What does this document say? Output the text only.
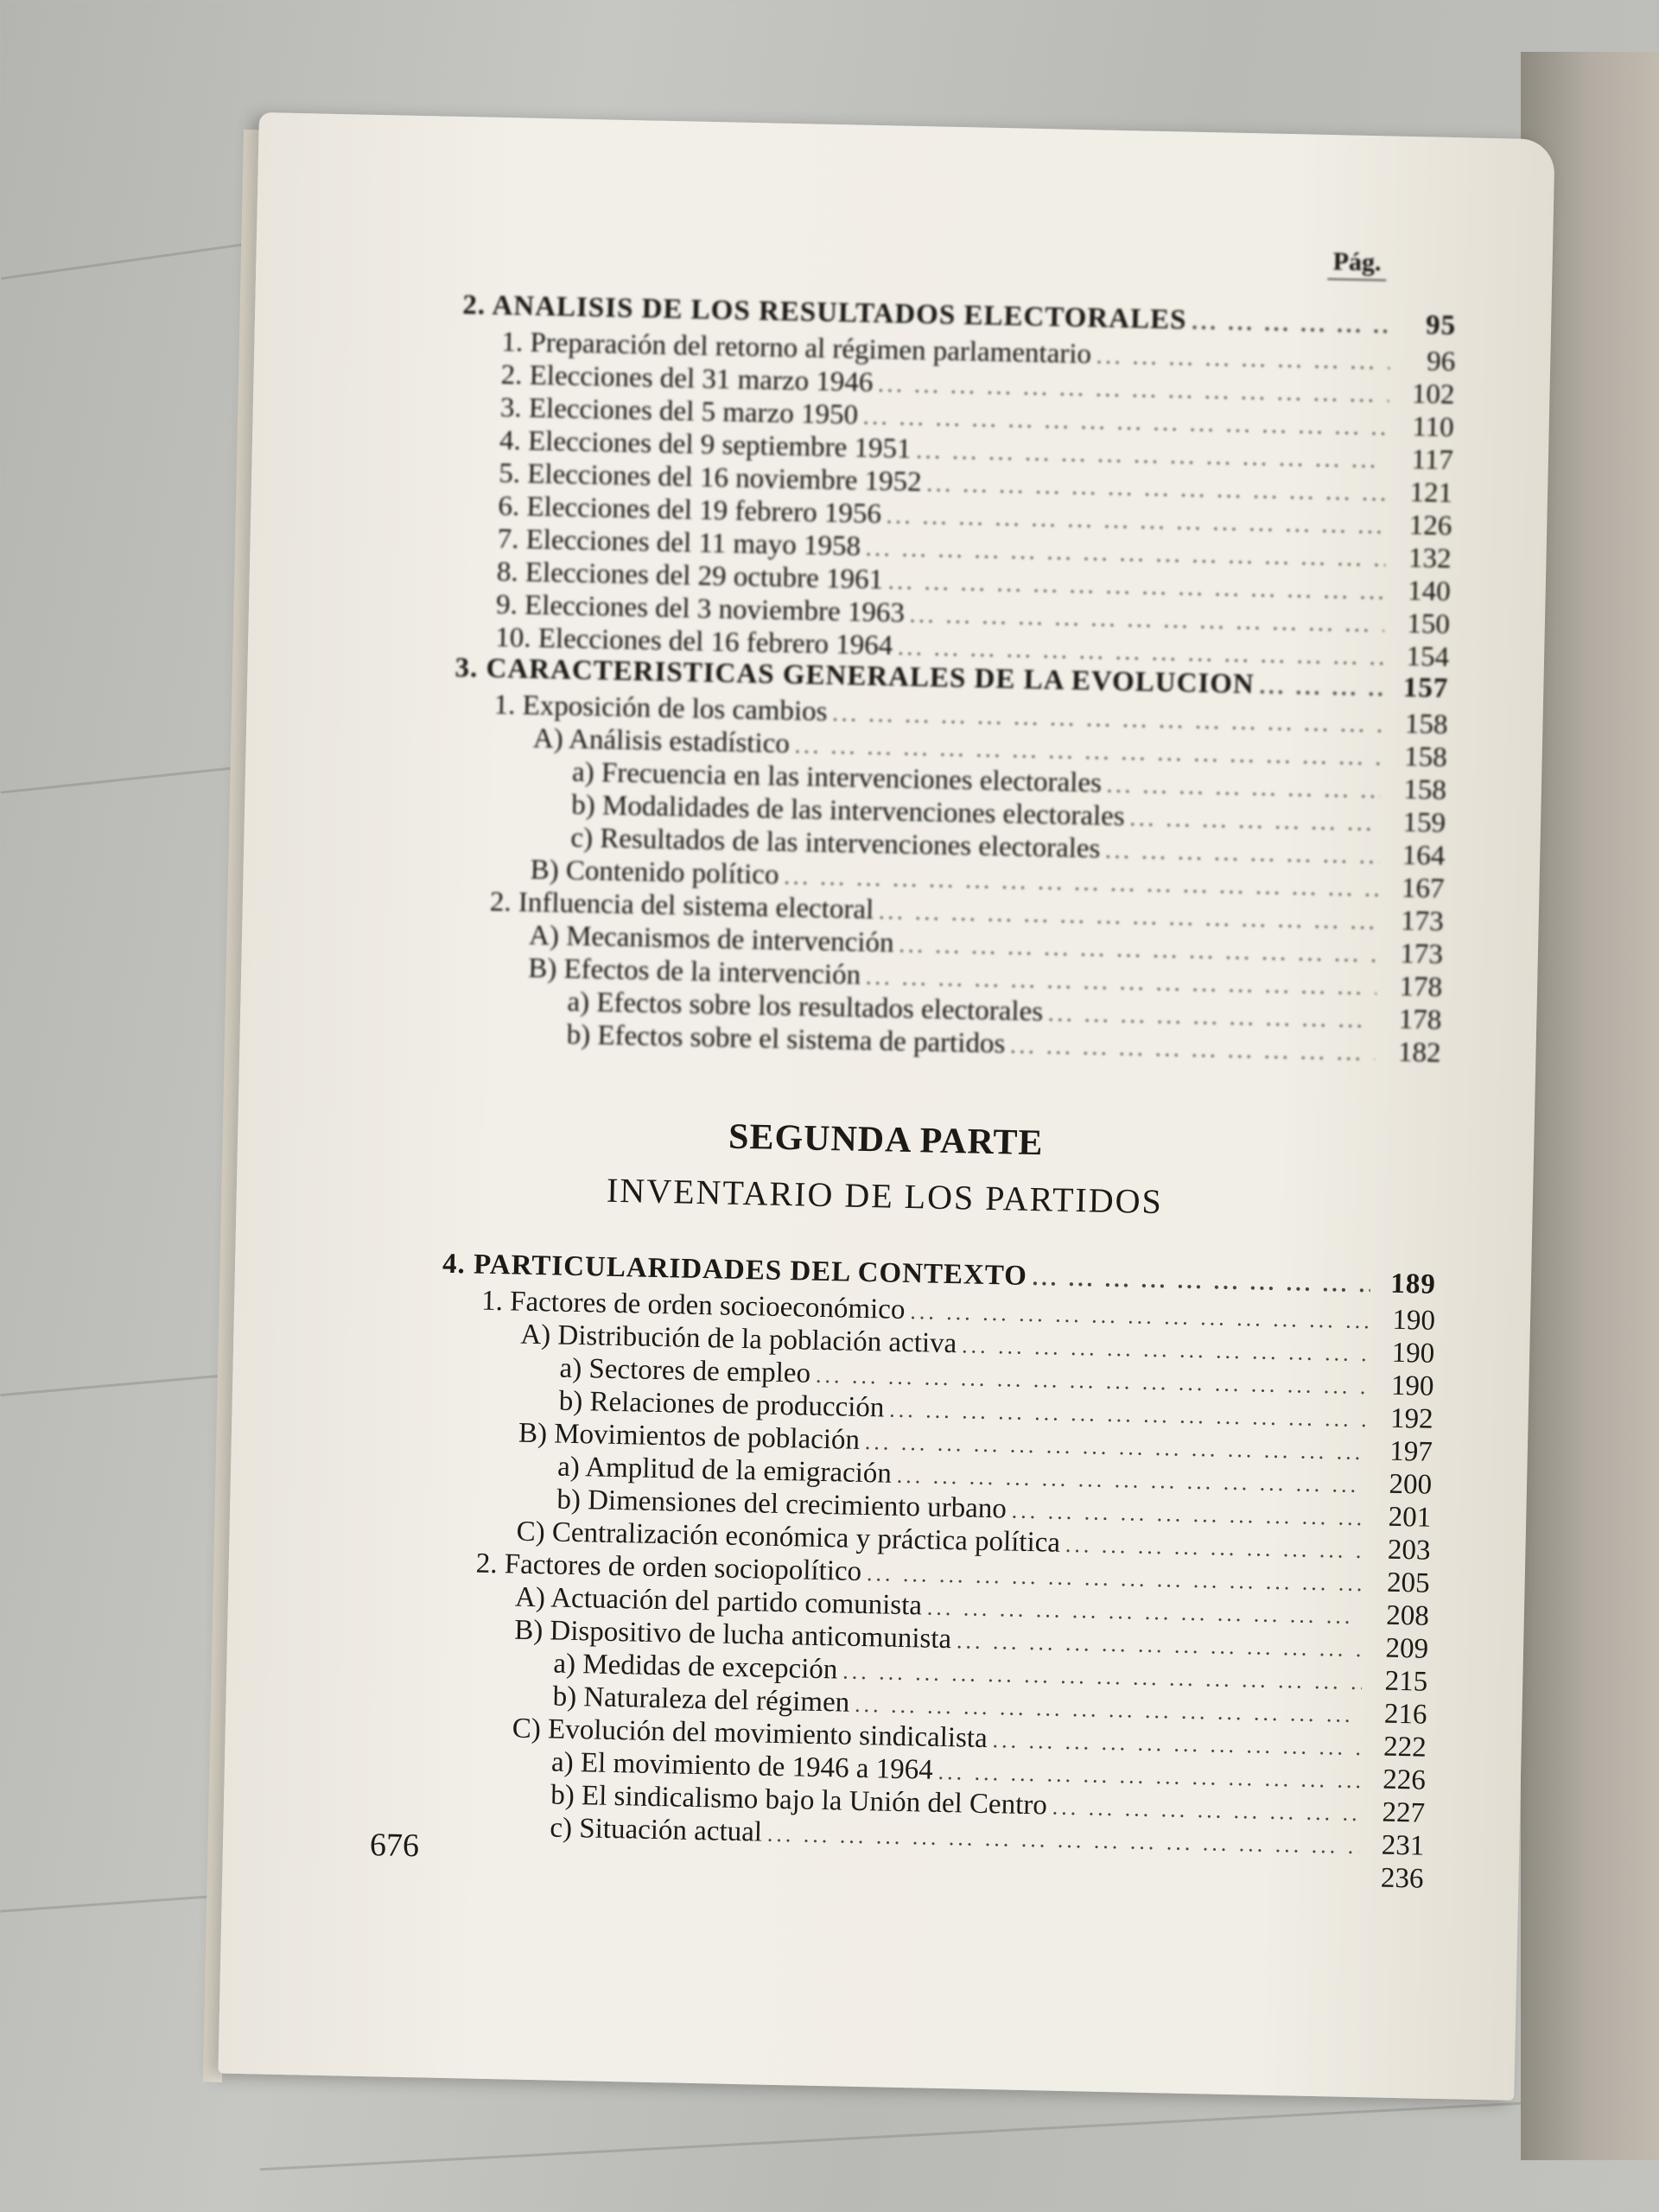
Pág.
2. ANALISIS DE LOS RESULTADOS ELECTORALES ... .	95
1. Preparación del retorno al régimen parlamentario ... .	96
2. Elecciones del 31 marzo 1946 ... .	102
3. Elecciones del 5 marzo 1950 ... .	110
4. Elecciones del 9 septiembre 1951 ... .	117
5. Elecciones del 16 noviembre 1952 ... .	121
6. Elecciones del 19 febrero 1956 ... .	126
7. Elecciones del 11 mayo 1958 ... .	132
8. Elecciones del 29 octubre 1961 ... .	140
9. Elecciones del 3 noviembre 1963 ... .	150
10. Elecciones del 16 febrero 1964 ... .	154
3. CARACTERISTICAS GENERALES DE LA EVOLUCION ... .	157
1. Exposición de los cambios ... .	158
A) Análisis estadístico ... .	158
a) Frecuencia en las intervenciones electorales ... .	158
b) Modalidades de las intervenciones electorales ... .	159
c) Resultados de las intervenciones electorales ... .	164
B) Contenido político ... .	167
2. Influencia del sistema electoral ... .	173
A) Mecanismos de intervención ... .	173
B) Efectos de la intervención ... .	178
a) Efectos sobre los resultados electorales ... .	178
b) Efectos sobre el sistema de partidos ... .	182
SEGUNDA PARTE
INVENTARIO DE LOS PARTIDOS
4. PARTICULARIDADES DEL CONTEXTO ... .	189
1. Factores de orden socioeconómico ... .	190
A) Distribución de la población activa ... .	190
a) Sectores de empleo ... .	190
b) Relaciones de producción ... .	192
B) Movimientos de población ... .	197
a) Amplitud de la emigración ... .	200
b) Dimensiones del crecimiento urbano ... .	201
C) Centralización económica y práctica política ... .	203
2. Factores de orden sociopolítico ... .	205
A) Actuación del partido comunista ... .	208
B) Dispositivo de lucha anticomunista ... .	209
a) Medidas de excepción ... .	215
b) Naturaleza del régimen ... .	216
C) Evolución del movimiento sindicalista ... .	222
a) El movimiento de 1946 a 1964 ... .	226
b) El sindicalismo bajo la Unión del Centro ... .	227
c) Situación actual ... .	231
236
676
